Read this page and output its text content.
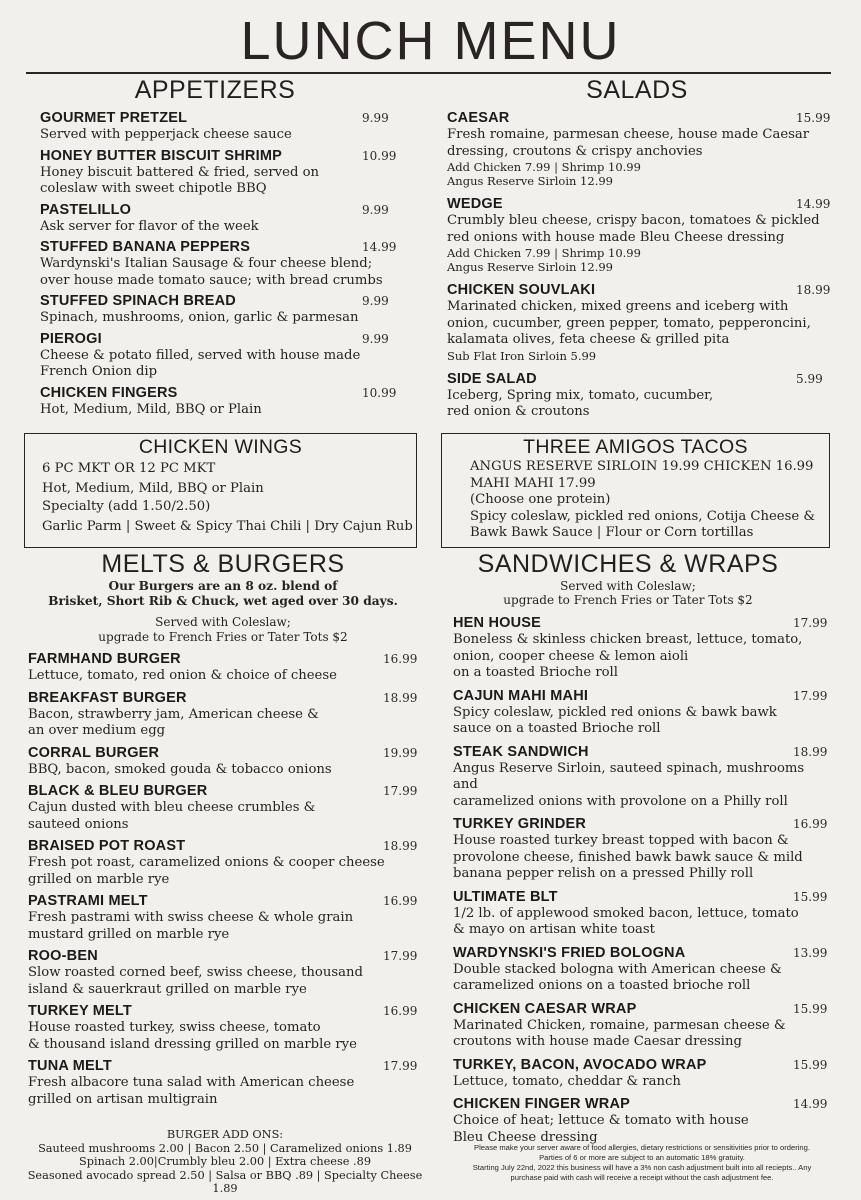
LUNCH MENU
APPETIZERS
GOURMET PRETZEL	9.99
Served with pepperjack cheese sauce
HONEY BUTTER BISCUIT SHRIMP	10.99
Honey biscuit battered & fried, served on
coleslaw with sweet chipotle BBQ
PASTELILLO	9.99
Ask server for flavor of the week
STUFFED BANANA PEPPERS	14.99
Wardynski's Italian Sausage & four cheese blend;
over house made tomato sauce; with bread crumbs
STUFFED SPINACH BREAD	9.99
Spinach, mushrooms, onion, garlic & parmesan
PIEROGI	9.99
Cheese & potato filled, served with house made
French Onion dip
CHICKEN FINGERS	10.99
Hot, Medium, Mild, BBQ or Plain
SALADS
CAESAR	15.99
Fresh romaine, parmesan cheese, house made Caesar
dressing, croutons & crispy anchovies
Add Chicken 7.99 | Shrimp 10.99
Angus Reserve Sirloin 12.99
WEDGE	14.99
Crumbly bleu cheese, crispy bacon, tomatoes & pickled
red onions with house made Bleu Cheese dressing
Add Chicken 7.99 | Shrimp 10.99
Angus Reserve Sirloin 12.99
CHICKEN SOUVLAKI	18.99
Marinated chicken, mixed greens and iceberg with
onion, cucumber, green pepper, tomato, pepperoncini,
kalamata olives, feta cheese & grilled pita
Sub Flat Iron Sirloin 5.99
SIDE SALAD	5.99
Iceberg, Spring mix, tomato, cucumber,
red onion & croutons
CHICKEN WINGS
6 PC MKT OR 12 PC MKT
Hot, Medium, Mild, BBQ or Plain
Specialty (add 1.50/2.50)
Garlic Parm | Sweet & Spicy Thai Chili | Dry Cajun Rub
THREE AMIGOS TACOS
ANGUS RESERVE SIRLOIN 19.99 CHICKEN 16.99
MAHI MAHI 17.99
(Choose one protein)
Spicy coleslaw, pickled red onions, Cotija Cheese &
Bawk Bawk Sauce | Flour or Corn tortillas
MELTS & BURGERS
Our Burgers are an 8 oz. blend of
Brisket, Short Rib & Chuck, wet aged over 30 days.
Served with Coleslaw;
upgrade to French Fries or Tater Tots $2
FARMHAND BURGER	16.99
Lettuce, tomato, red onion & choice of cheese
BREAKFAST BURGER	18.99
Bacon, strawberry jam, American cheese &
an over medium egg
CORRAL BURGER	19.99
BBQ, bacon, smoked gouda & tobacco onions
BLACK & BLEU BURGER	17.99
Cajun dusted with bleu cheese crumbles &
sauteed onions
BRAISED POT ROAST	18.99
Fresh pot roast, caramelized onions & cooper cheese
grilled on marble rye
PASTRAMI MELT	16.99
Fresh pastrami with swiss cheese & whole grain
mustard grilled on marble rye
ROO-BEN	17.99
Slow roasted corned beef, swiss cheese, thousand
island & sauerkraut grilled on marble rye
TURKEY MELT	16.99
House roasted turkey, swiss cheese, tomato
& thousand island dressing grilled on marble rye
TUNA MELT	17.99
Fresh albacore tuna salad with American cheese
grilled on artisan multigrain
BURGER ADD ONS:
Sauteed mushrooms 2.00 | Bacon 2.50 | Caramelized onions 1.89
Spinach 2.00|Crumbly bleu 2.00 | Extra cheese .89
Seasoned avocado spread 2.50 | Salsa or BBQ .89 | Specialty Cheese 1.89
SANDWICHES & WRAPS
Served with Coleslaw;
upgrade to French Fries or Tater Tots $2
HEN HOUSE	17.99
Boneless & skinless chicken breast, lettuce, tomato,
onion, cooper cheese & lemon aioli
on a toasted Brioche roll
CAJUN MAHI MAHI	17.99
Spicy coleslaw, pickled red onions & bawk bawk
sauce on a toasted Brioche roll
STEAK SANDWICH	18.99
Angus Reserve Sirloin, sauteed spinach, mushrooms and
caramelized onions with provolone on a Philly roll
TURKEY GRINDER	16.99
House roasted turkey breast topped with bacon &
provolone cheese, finished bawk bawk sauce & mild
banana pepper relish on a pressed Philly roll
ULTIMATE BLT	15.99
1/2 lb. of applewood smoked bacon, lettuce, tomato
& mayo on artisan white toast
WARDYNSKI'S FRIED BOLOGNA	13.99
Double stacked bologna with American cheese &
caramelized onions on a toasted brioche roll
CHICKEN CAESAR WRAP	15.99
Marinated Chicken, romaine, parmesan cheese &
croutons with house made Caesar dressing
TURKEY, BACON, AVOCADO WRAP	15.99
Lettuce, tomato, cheddar & ranch
CHICKEN FINGER WRAP	14.99
Choice of heat; lettuce & tomato with house
Bleu Cheese dressing
Please make your server aware of food allergies, dietary restrictions or sensitivities prior to ordering.
Parties of 6 or more are subject to an automatic 18% gratuity.
Starting July 22nd, 2022 this business will have a 3% non cash adjustment built into all reciepts.. Any
purchase paid with cash will receive a receipt without the cash adjustment fee.
